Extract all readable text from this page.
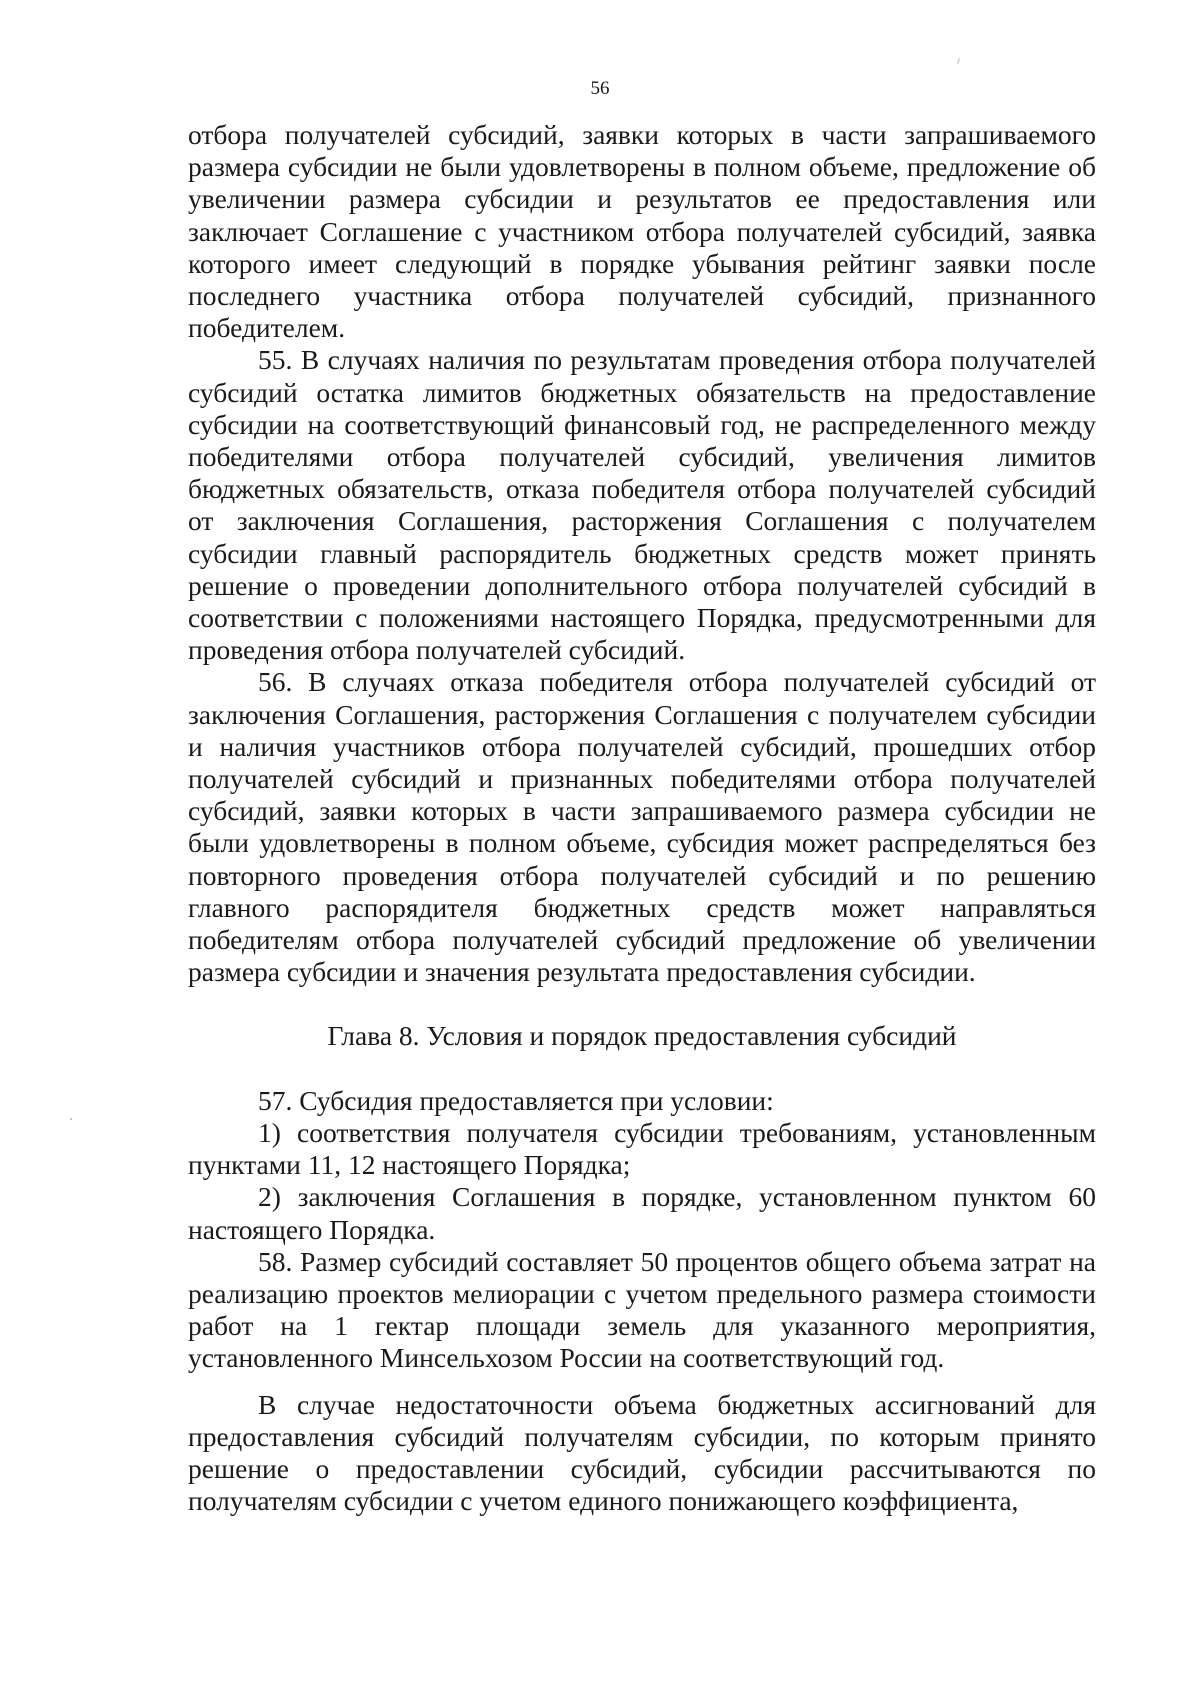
56

отбора получателей субсидий, заявки которых в части запрашиваемого размера субсидии не были удовлетворены в полном объеме, предложение об увеличении размера субсидии и результатов ее предоставления или заключает Соглашение с участником отбора получателей субсидий, заявка которого имеет следующий в порядке убывания рейтинг заявки после последнего участника отбора получателей субсидий, признанного победителем.

55. В случаях наличия по результатам проведения отбора получателей субсидий остатка лимитов бюджетных обязательств на предоставление субсидии на соответствующий финансовый год, не распределенного между победителями отбора получателей субсидий, увеличения лимитов бюджетных обязательств, отказа победителя отбора получателей субсидий от заключения Соглашения, расторжения Соглашения с получателем субсидии главный распорядитель бюджетных средств может принять решение о проведении дополнительного отбора получателей субсидий в соответствии с положениями настоящего Порядка, предусмотренными для проведения отбора получателей субсидий.

56. В случаях отказа победителя отбора получателей субсидий от заключения Соглашения, расторжения Соглашения с получателем субсидии и наличия участников отбора получателей субсидий, прошедших отбор получателей субсидий и признанных победителями отбора получателей субсидий, заявки которых в части запрашиваемого размера субсидии не были удовлетворены в полном объеме, субсидия может распределяться без повторного проведения отбора получателей субсидий и по решению главного распорядителя бюджетных средств может направляться победителям отбора получателей субсидий предложение об увеличении размера субсидии и значения результата предоставления субсидии.

Глава 8. Условия и порядок предоставления субсидий

57. Субсидия предоставляется при условии:

1) соответствия получателя субсидии требованиям, установленным пунктами 11, 12 настоящего Порядка;

2) заключения Соглашения в порядке, установленном пунктом 60 настоящего Порядка.

58. Размер субсидий составляет 50 процентов общего объема затрат на реализацию проектов мелиорации с учетом предельного размера стоимости работ на 1 гектар площади земель для указанного мероприятия, установленного Минсельхозом России на соответствующий год.

В случае недостаточности объема бюджетных ассигнований для предоставления субсидий получателям субсидии, по которым принято решение о предоставлении субсидий, субсидии рассчитываются по получателям субсидии с учетом единого понижающего коэффициента,
